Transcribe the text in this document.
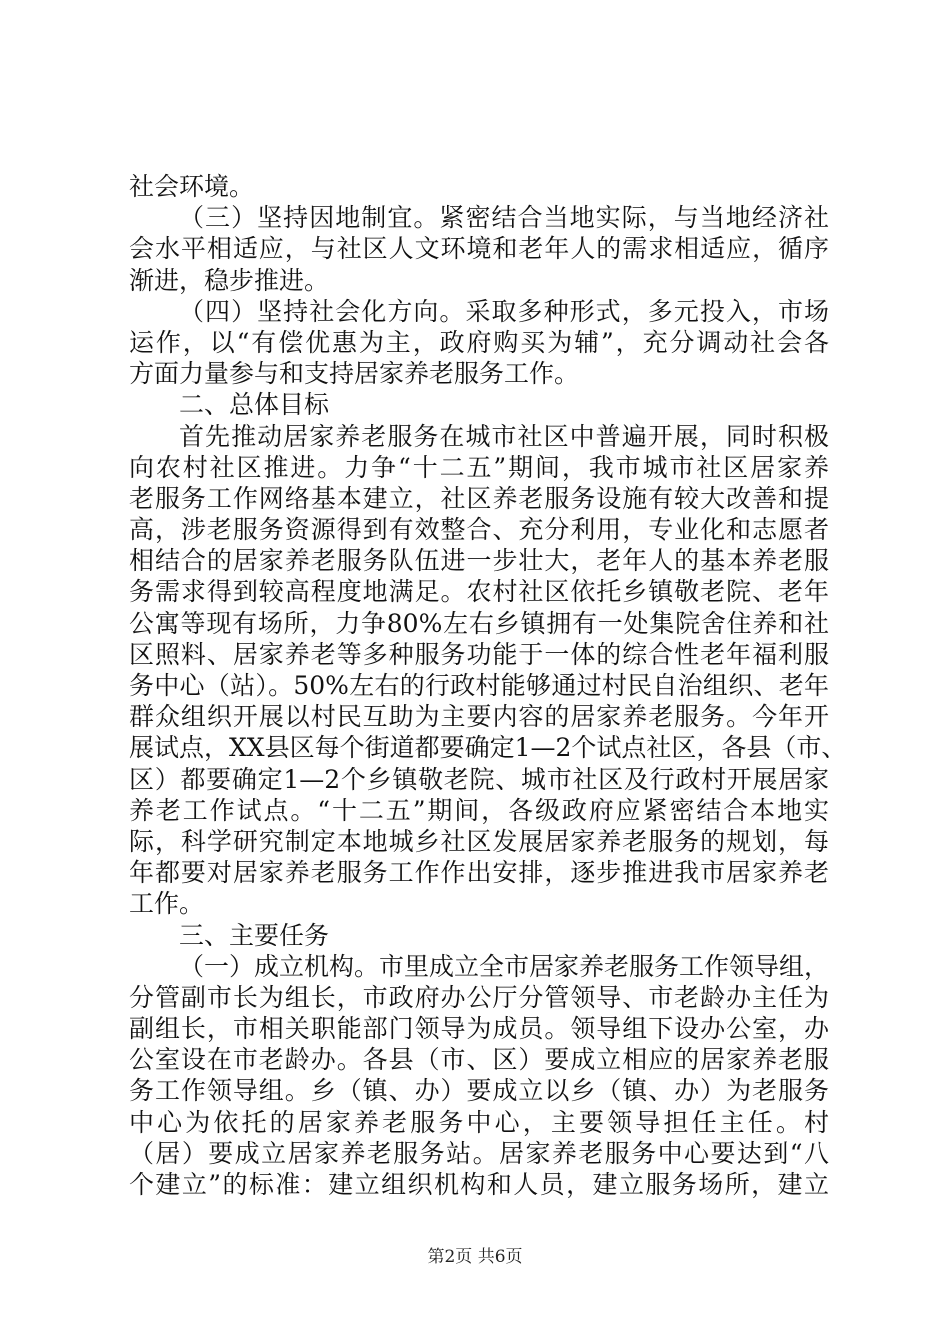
社会环境。
（三）坚持因地制宜。紧密结合当地实际，与当地经济社
会水平相适应，与社区人文环境和老年人的需求相适应，循序
渐进，稳步推进。
（四）坚持社会化方向。采取多种形式，多元投入，市场
运作，以“有偿优惠为主，政府购买为辅”，充分调动社会各
方面力量参与和支持居家养老服务工作。
二、总体目标
首先推动居家养老服务在城市社区中普遍开展，同时积极
向农村社区推进。力争“十二五”期间，我市城市社区居家养
老服务工作网络基本建立，社区养老服务设施有较大改善和提
高，涉老服务资源得到有效整合、充分利用，专业化和志愿者
相结合的居家养老服务队伍进一步壮大，老年人的基本养老服
务需求得到较高程度地满足。农村社区依托乡镇敬老院、老年
公寓等现有场所，力争80%左右乡镇拥有一处集院舍住养和社
区照料、居家养老等多种服务功能于一体的综合性老年福利服
务中心（站）。50%左右的行政村能够通过村民自治组织、老年
群众组织开展以村民互助为主要内容的居家养老服务。今年开
展试点，XX县区每个街道都要确定1—2个试点社区，各县（市、
区）都要确定1—2个乡镇敬老院、城市社区及行政村开展居家
养老工作试点。“十二五”期间，各级政府应紧密结合本地实
际，科学研究制定本地城乡社区发展居家养老服务的规划，每
年都要对居家养老服务工作作出安排，逐步推进我市居家养老
工作。
三、主要任务
（一）成立机构。市里成立全市居家养老服务工作领导组，
分管副市长为组长，市政府办公厅分管领导、市老龄办主任为
副组长，市相关职能部门领导为成员。领导组下设办公室，办
公室设在市老龄办。各县（市、区）要成立相应的居家养老服
务工作领导组。乡（镇、办）要成立以乡（镇、办）为老服务
中心为依托的居家养老服务中心，主要领导担任主任。村
（居）要成立居家养老服务站。居家养老服务中心要达到“八
个建立”的标准：建立组织机构和人员，建立服务场所，建立
第2页 共6页
